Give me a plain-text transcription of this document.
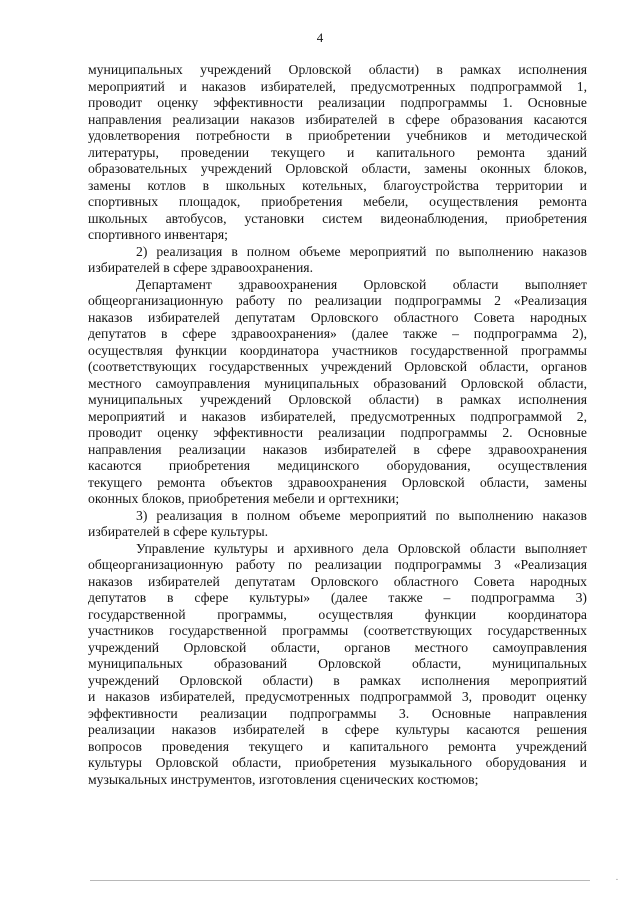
4
муниципальных учреждений Орловской области) в рамках исполнения
мероприятий и наказов избирателей, предусмотренных подпрограммой 1,
проводит оценку эффективности реализации подпрограммы 1. Основные
направления реализации наказов избирателей в сфере образования касаются
удовлетворения потребности в приобретении учебников и методической
литературы, проведении текущего и капитального ремонта зданий
образовательных учреждений Орловской области, замены оконных блоков,
замены котлов в школьных котельных, благоустройства территории и
спортивных площадок, приобретения мебели, осуществления ремонта
школьных автобусов, установки систем видеонаблюдения, приобретения
спортивного инвентаря;
2) реализация в полном объеме мероприятий по выполнению наказов
избирателей в сфере здравоохранения.
Департамент здравоохранения Орловской области выполняет
общеорганизационную работу по реализации подпрограммы 2 «Реализация
наказов избирателей депутатам Орловского областного Совета народных
депутатов в сфере здравоохранения» (далее также – подпрограмма 2),
осуществляя функции координатора участников государственной программы
(соответствующих государственных учреждений Орловской области, органов
местного самоуправления муниципальных образований Орловской области,
муниципальных учреждений Орловской области) в рамках исполнения
мероприятий и наказов избирателей, предусмотренных подпрограммой 2,
проводит оценку эффективности реализации подпрограммы 2. Основные
направления реализации наказов избирателей в сфере здравоохранения
касаются приобретения медицинского оборудования, осуществления
текущего ремонта объектов здравоохранения Орловской области, замены
оконных блоков, приобретения мебели и оргтехники;
3) реализация в полном объеме мероприятий по выполнению наказов
избирателей в сфере культуры.
Управление культуры и архивного дела Орловской области выполняет
общеорганизационную работу по реализации подпрограммы 3 «Реализация
наказов избирателей депутатам Орловского областного Совета народных
депутатов в сфере культуры» (далее также – подпрограмма 3)
государственной программы, осуществляя функции координатора
участников государственной программы (соответствующих государственных
учреждений Орловской области, органов местного самоуправления
муниципальных образований Орловской области, муниципальных
учреждений Орловской области) в рамках исполнения мероприятий
и наказов избирателей, предусмотренных подпрограммой 3, проводит оценку
эффективности реализации подпрограммы 3. Основные направления
реализации наказов избирателей в сфере культуры касаются решения
вопросов проведения текущего и капитального ремонта учреждений
культуры Орловской области, приобретения музыкального оборудования и
музыкальных инструментов, изготовления сценических костюмов;
·
